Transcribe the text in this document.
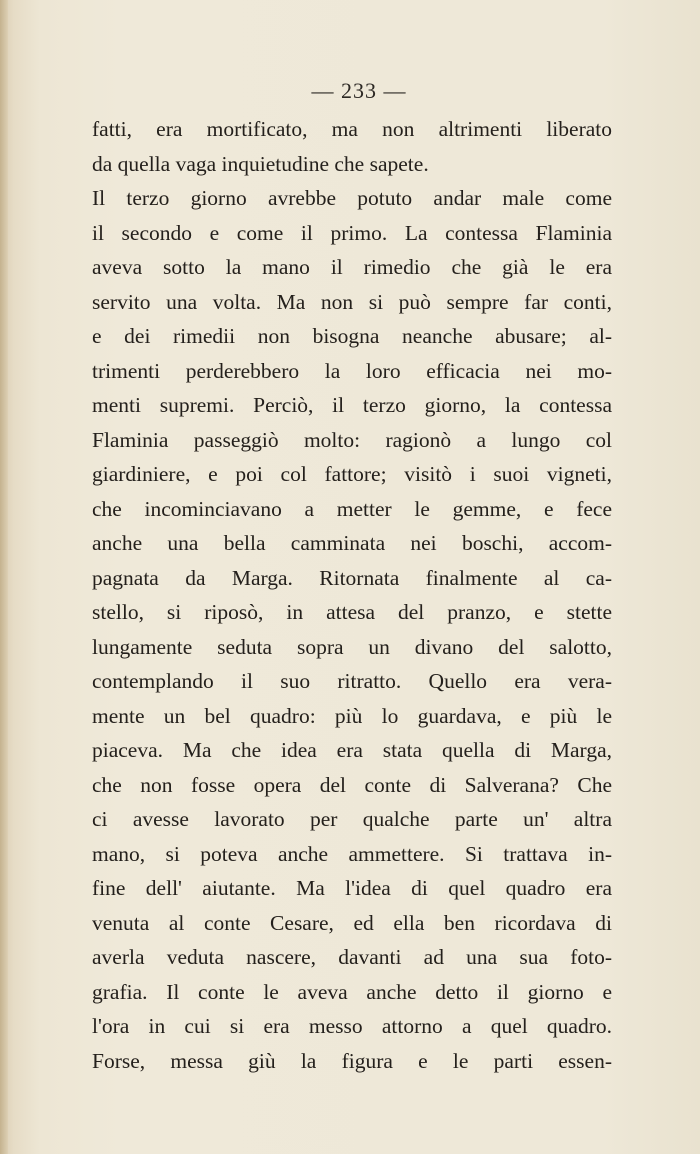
— 233 —
fatti, era mortificato, ma non altrimenti liberato
da quella vaga inquietudine che sapete.
Il terzo giorno avrebbe potuto andar male come
il secondo e come il primo. La contessa Flaminia
aveva sotto la mano il rimedio che già le era
servito una volta. Ma non si può sempre far conti,
e dei rimedii non bisogna neanche abusare; al-
trimenti perderebbero la loro efficacia nei mo-
menti supremi. Perciò, il terzo giorno, la contessa
Flaminia passeggiò molto: ragionò a lungo col
giardiniere, e poi col fattore; visitò i suoi vigneti,
che incominciavano a metter le gemme, e fece
anche una bella camminata nei boschi, accom-
pagnata da Marga. Ritornata finalmente al ca-
stello, si riposò, in attesa del pranzo, e stette
lungamente seduta sopra un divano del salotto,
contemplando il suo ritratto. Quello era vera-
mente un bel quadro: più lo guardava, e più le
piaceva. Ma che idea era stata quella di Marga,
che non fosse opera del conte di Salverana? Che
ci avesse lavorato per qualche parte un' altra
mano, si poteva anche ammettere. Si trattava in-
fine dell' aiutante. Ma l'idea di quel quadro era
venuta al conte Cesare, ed ella ben ricordava di
averla veduta nascere, davanti ad una sua foto-
grafia. Il conte le aveva anche detto il giorno e
l'ora in cui si era messo attorno a quel quadro.
Forse, messa giù la figura e le parti essen-
